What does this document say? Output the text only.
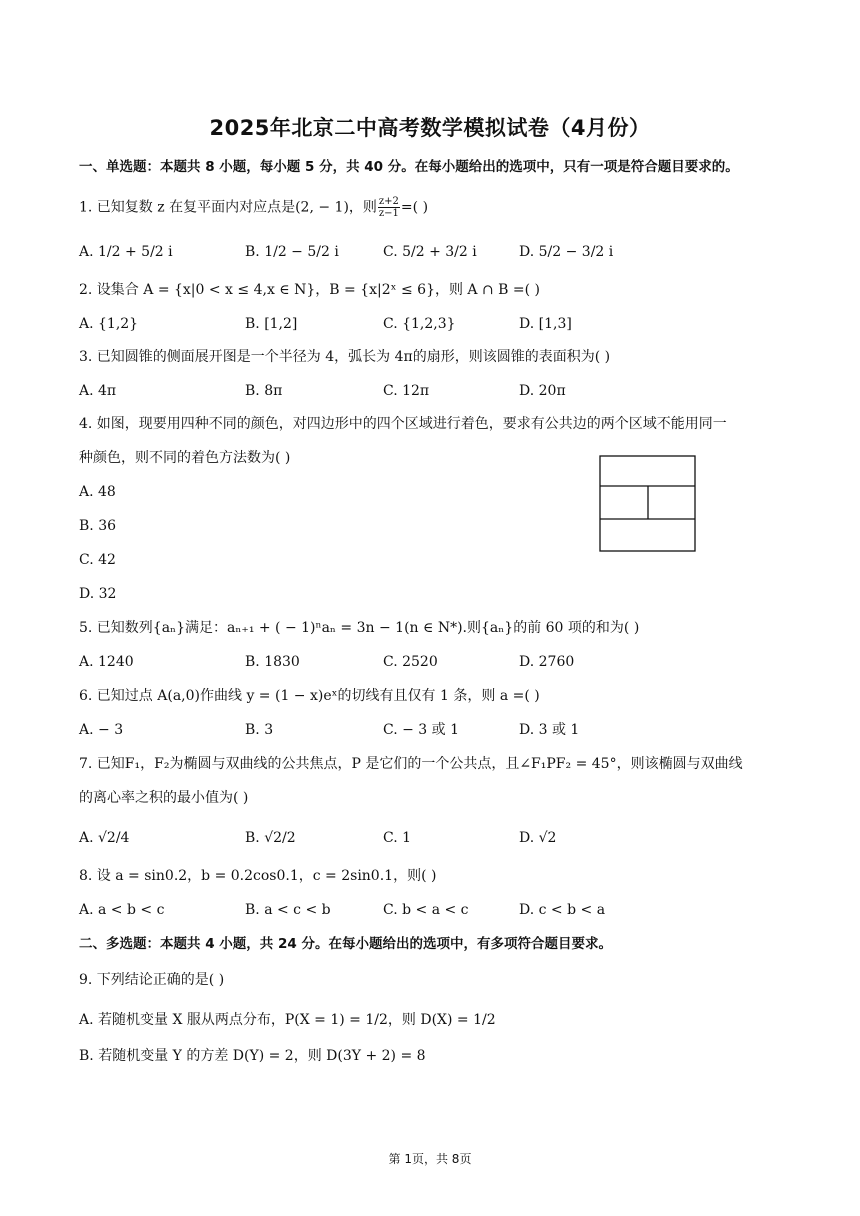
2025年北京二中高考数学模拟试卷（4月份）
一、单选题：本题共 8 小题，每小题 5 分，共 40 分。在每小题给出的选项中，只有一项是符合题目要求的。
1. 已知复数 z 在复平面内对应点是(2, − 1)，则 $\frac{z+2}{z-1}$ =( )
A. 1/2 + 5/2 i	B. 1/2 − 5/2 i	C. 5/2 + 3/2 i	D. 5/2 − 3/2 i
2. 设集合 A = {x|0 < x ≤ 4,x ∈ N}，B = {x|2ˣ ≤ 6}，则 A ∩ B =( )
A. {1,2}	B. [1,2]	C. {1,2,3}	D. [1,3]
3. 已知圆锥的侧面展开图是一个半径为 4，弧长为 4π的扇形，则该圆锥的表面积为( )
A. 4π	B. 8π	C. 12π	D. 20π
4. 如图，现要用四种不同的颜色，对四边形中的四个区域进行着色，要求有公共边的两个区域不能用同一
种颜色，则不同的着色方法数为( )
A. 48
B. 36
C. 42
D. 32
5. 已知数列{aₙ}满足：aₙ₊₁ + ( − 1)ⁿaₙ = 3n − 1(n ∈ N*).则{aₙ}的前 60 项的和为( )
A. 1240	B. 1830	C. 2520	D. 2760
6. 已知过点 A(a,0)作曲线 y = (1 − x)eˣ的切线有且仅有 1 条，则 a =( )
A. − 3	B. 3	C. − 3 或 1	D. 3 或 1
7. 已知F₁，F₂为椭圆与双曲线的公共焦点，P 是它们的一个公共点，且∠F₁PF₂ = 45°，则该椭圆与双曲线
的离心率之积的最小值为( )
A. √2/4	B. √2/2	C. 1	D. √2
8. 设 a = sin0.2，b = 0.2cos0.1，c = 2sin0.1，则( )
A. a < b < c	B. a < c < b	C. b < a < c	D. c < b < a
二、多选题：本题共 4 小题，共 24 分。在每小题给出的选项中，有多项符合题目要求。
9. 下列结论正确的是( )
A. 若随机变量 X 服从两点分布，P(X = 1) = 1/2，则 D(X) = 1/2
B. 若随机变量 Y 的方差 D(Y) = 2，则 D(3Y + 2) = 8
第 1页，共 8页
